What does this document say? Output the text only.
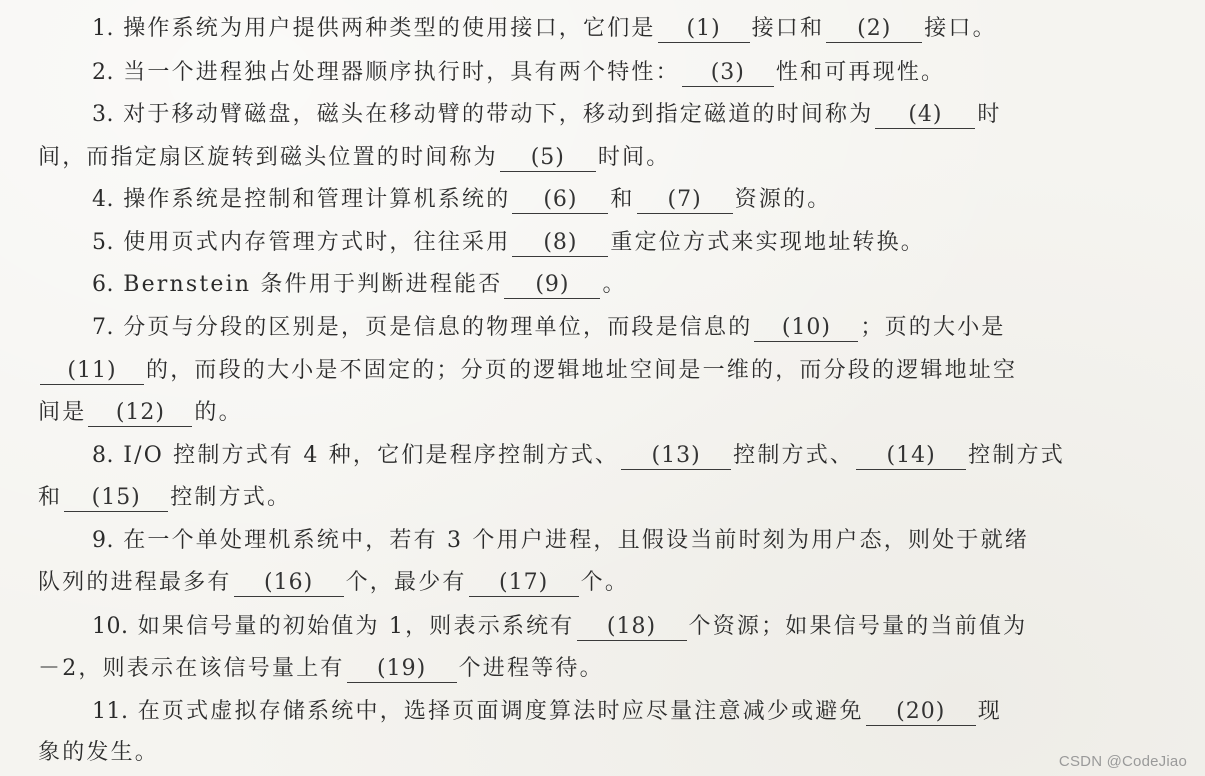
1. 操作系统为用户提供两种类型的使用接口，它们是 (1) 接口和 (2) 接口。
2. 当一个进程独占处理器顺序执行时，具有两个特性： (3) 性和可再现性。
3. 对于移动臂磁盘，磁头在移动臂的带动下，移动到指定磁道的时间称为 (4) 时
间，而指定扇区旋转到磁头位置的时间称为 (5) 时间。
4. 操作系统是控制和管理计算机系统的 (6) 和 (7) 资源的。
5. 使用页式内存管理方式时，往往采用 (8) 重定位方式来实现地址转换。
6. Bernstein 条件用于判断进程能否 (9) 。
7. 分页与分段的区别是，页是信息的物理单位，而段是信息的 (10) ；页的大小是
(11) 的，而段的大小是不固定的；分页的逻辑地址空间是一维的，而分段的逻辑地址空
间是 (12) 的。
8. I/O 控制方式有 4 种，它们是程序控制方式、 (13) 控制方式、 (14) 控制方式
和 (15) 控制方式。
9. 在一个单处理机系统中，若有 3 个用户进程，且假设当前时刻为用户态，则处于就绪
队列的进程最多有 (16) 个，最少有 (17) 个。
10. 如果信号量的初始值为 1，则表示系统有 (18) 个资源；如果信号量的当前值为
－2，则表示在该信号量上有 (19) 个进程等待。
11. 在页式虚拟存储系统中，选择页面调度算法时应尽量注意减少或避免 (20) 现
象的发生。	CSDN @CodeJiao
